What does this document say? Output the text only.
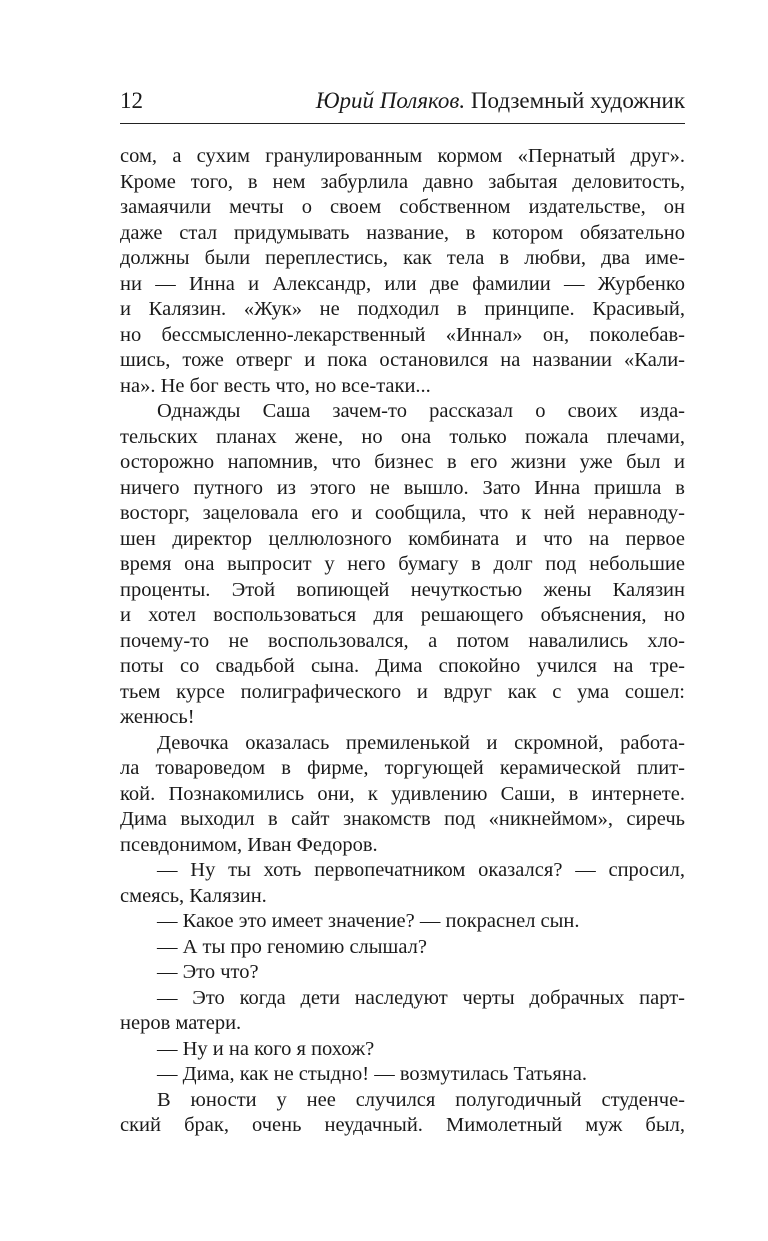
12	Юрий Поляков. Подземный художник
сом, а сухим гранулированным кормом «Пернатый друг».
Кроме того, в нем забурлила давно забытая деловитость,
замаячили мечты о своем собственном издательстве, он
даже стал придумывать название, в котором обязательно
должны были переплестись, как тела в любви, два име-
ни — Инна и Александр, или две фамилии — Журбенко
и Калязин. «Жук» не подходил в принципе. Красивый,
но бессмысленно-лекарственный «Иннал» он, поколебав-
шись, тоже отверг и пока остановился на названии «Кали-
на». Не бог весть что, но все-таки...
Однажды Саша зачем-то рассказал о своих изда-
тельских планах жене, но она только пожала плечами,
осторожно напомнив, что бизнес в его жизни уже был и
ничего путного из этого не вышло. Зато Инна пришла в
восторг, зацеловала его и сообщила, что к ней неравноду-
шен директор целлюлозного комбината и что на первое
время она выпросит у него бумагу в долг под небольшие
проценты. Этой вопиющей нечуткостью жены Калязин
и хотел воспользоваться для решающего объяснения, но
почему-то не воспользовался, а потом навалились хло-
поты со свадьбой сына. Дима спокойно учился на тре-
тьем курсе полиграфического и вдруг как с ума сошел:
женюсь!
Девочка оказалась премиленькой и скромной, работа-
ла товароведом в фирме, торгующей керамической плит-
кой. Познакомились они, к удивлению Саши, в интернете.
Дима выходил в сайт знакомств под «никнеймом», сиречь
псевдонимом, Иван Федоров.
— Ну ты хоть первопечатником оказался? — спросил,
смеясь, Калязин.
— Какое это имеет значение? — покраснел сын.
— А ты про геномию слышал?
— Это что?
— Это когда дети наследуют черты добрачных парт-
неров матери.
— Ну и на кого я похож?
— Дима, как не стыдно! — возмутилась Татьяна.
В юности у нее случился полугодичный студенче-
ский брак, очень неудачный. Мимолетный муж был,
